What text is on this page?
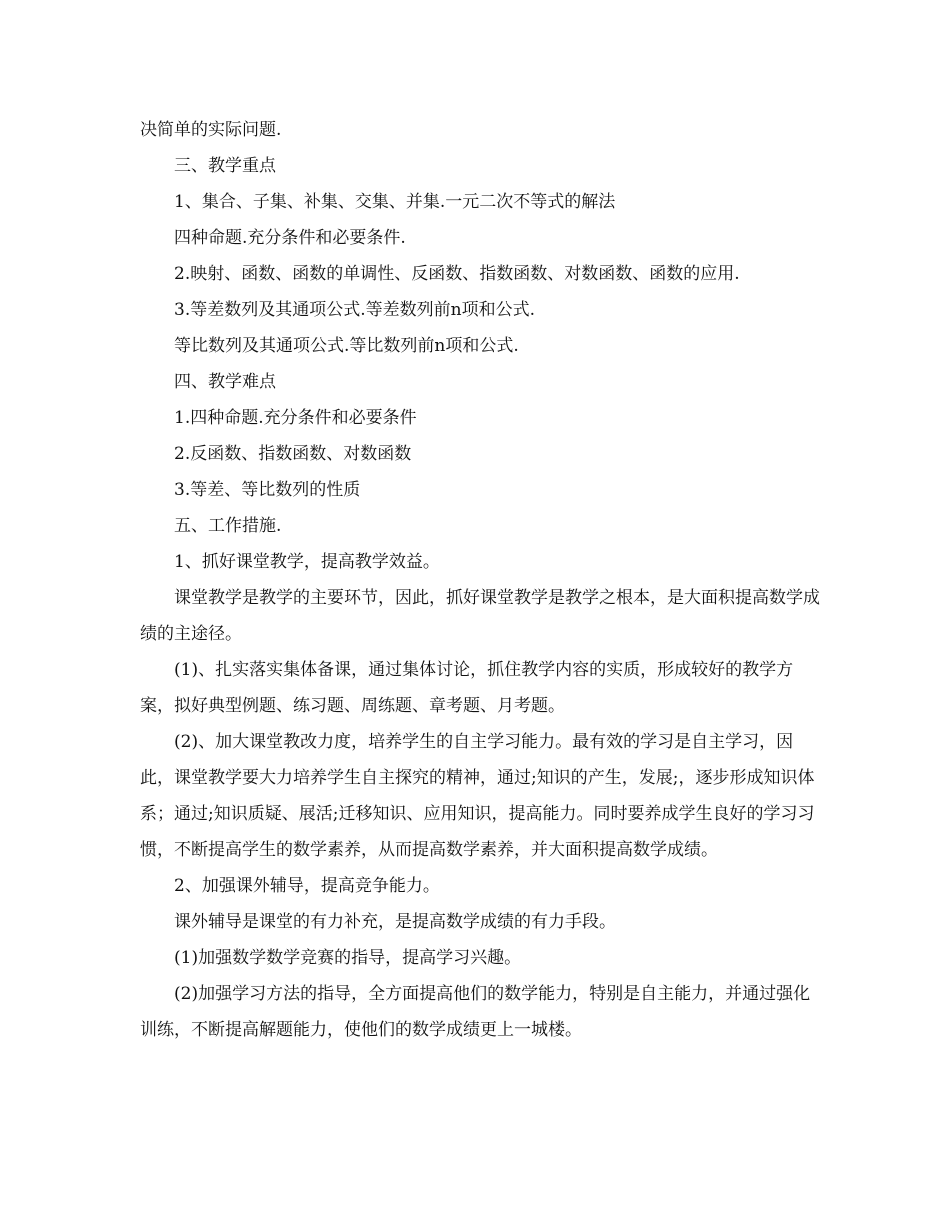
决简单的实际问题.

三、教学重点

1、集合、子集、补集、交集、并集.一元二次不等式的解法

四种命题.充分条件和必要条件.

2.映射、函数、函数的单调性、反函数、指数函数、对数函数、函数的应用.

3.等差数列及其通项公式.等差数列前n项和公式.

等比数列及其通项公式.等比数列前n项和公式.

四、教学难点

1.四种命题.充分条件和必要条件

2.反函数、指数函数、对数函数

3.等差、等比数列的性质

五、工作措施.

1、抓好课堂教学，提高教学效益。

课堂教学是教学的主要环节，因此，抓好课堂教学是教学之根本，是大面积提高数学成绩的主途径。

(1)、扎实落实集体备课，通过集体讨论，抓住教学内容的实质，形成较好的教学方案，拟好典型例题、练习题、周练题、章考题、月考题。

(2)、加大课堂教改力度，培养学生的自主学习能力。最有效的学习是自主学习，因此，课堂教学要大力培养学生自主探究的精神，通过;知识的产生，发展;，逐步形成知识体系；通过;知识质疑、展活;迁移知识、应用知识，提高能力。同时要养成学生良好的学习习惯，不断提高学生的数学素养，从而提高数学素养，并大面积提高数学成绩。

2、加强课外辅导，提高竞争能力。

课外辅导是课堂的有力补充，是提高数学成绩的有力手段。

(1)加强数学数学竞赛的指导，提高学习兴趣。

(2)加强学习方法的指导，全方面提高他们的数学能力，特别是自主能力，并通过强化训练，不断提高解题能力，使他们的数学成绩更上一城楼。
